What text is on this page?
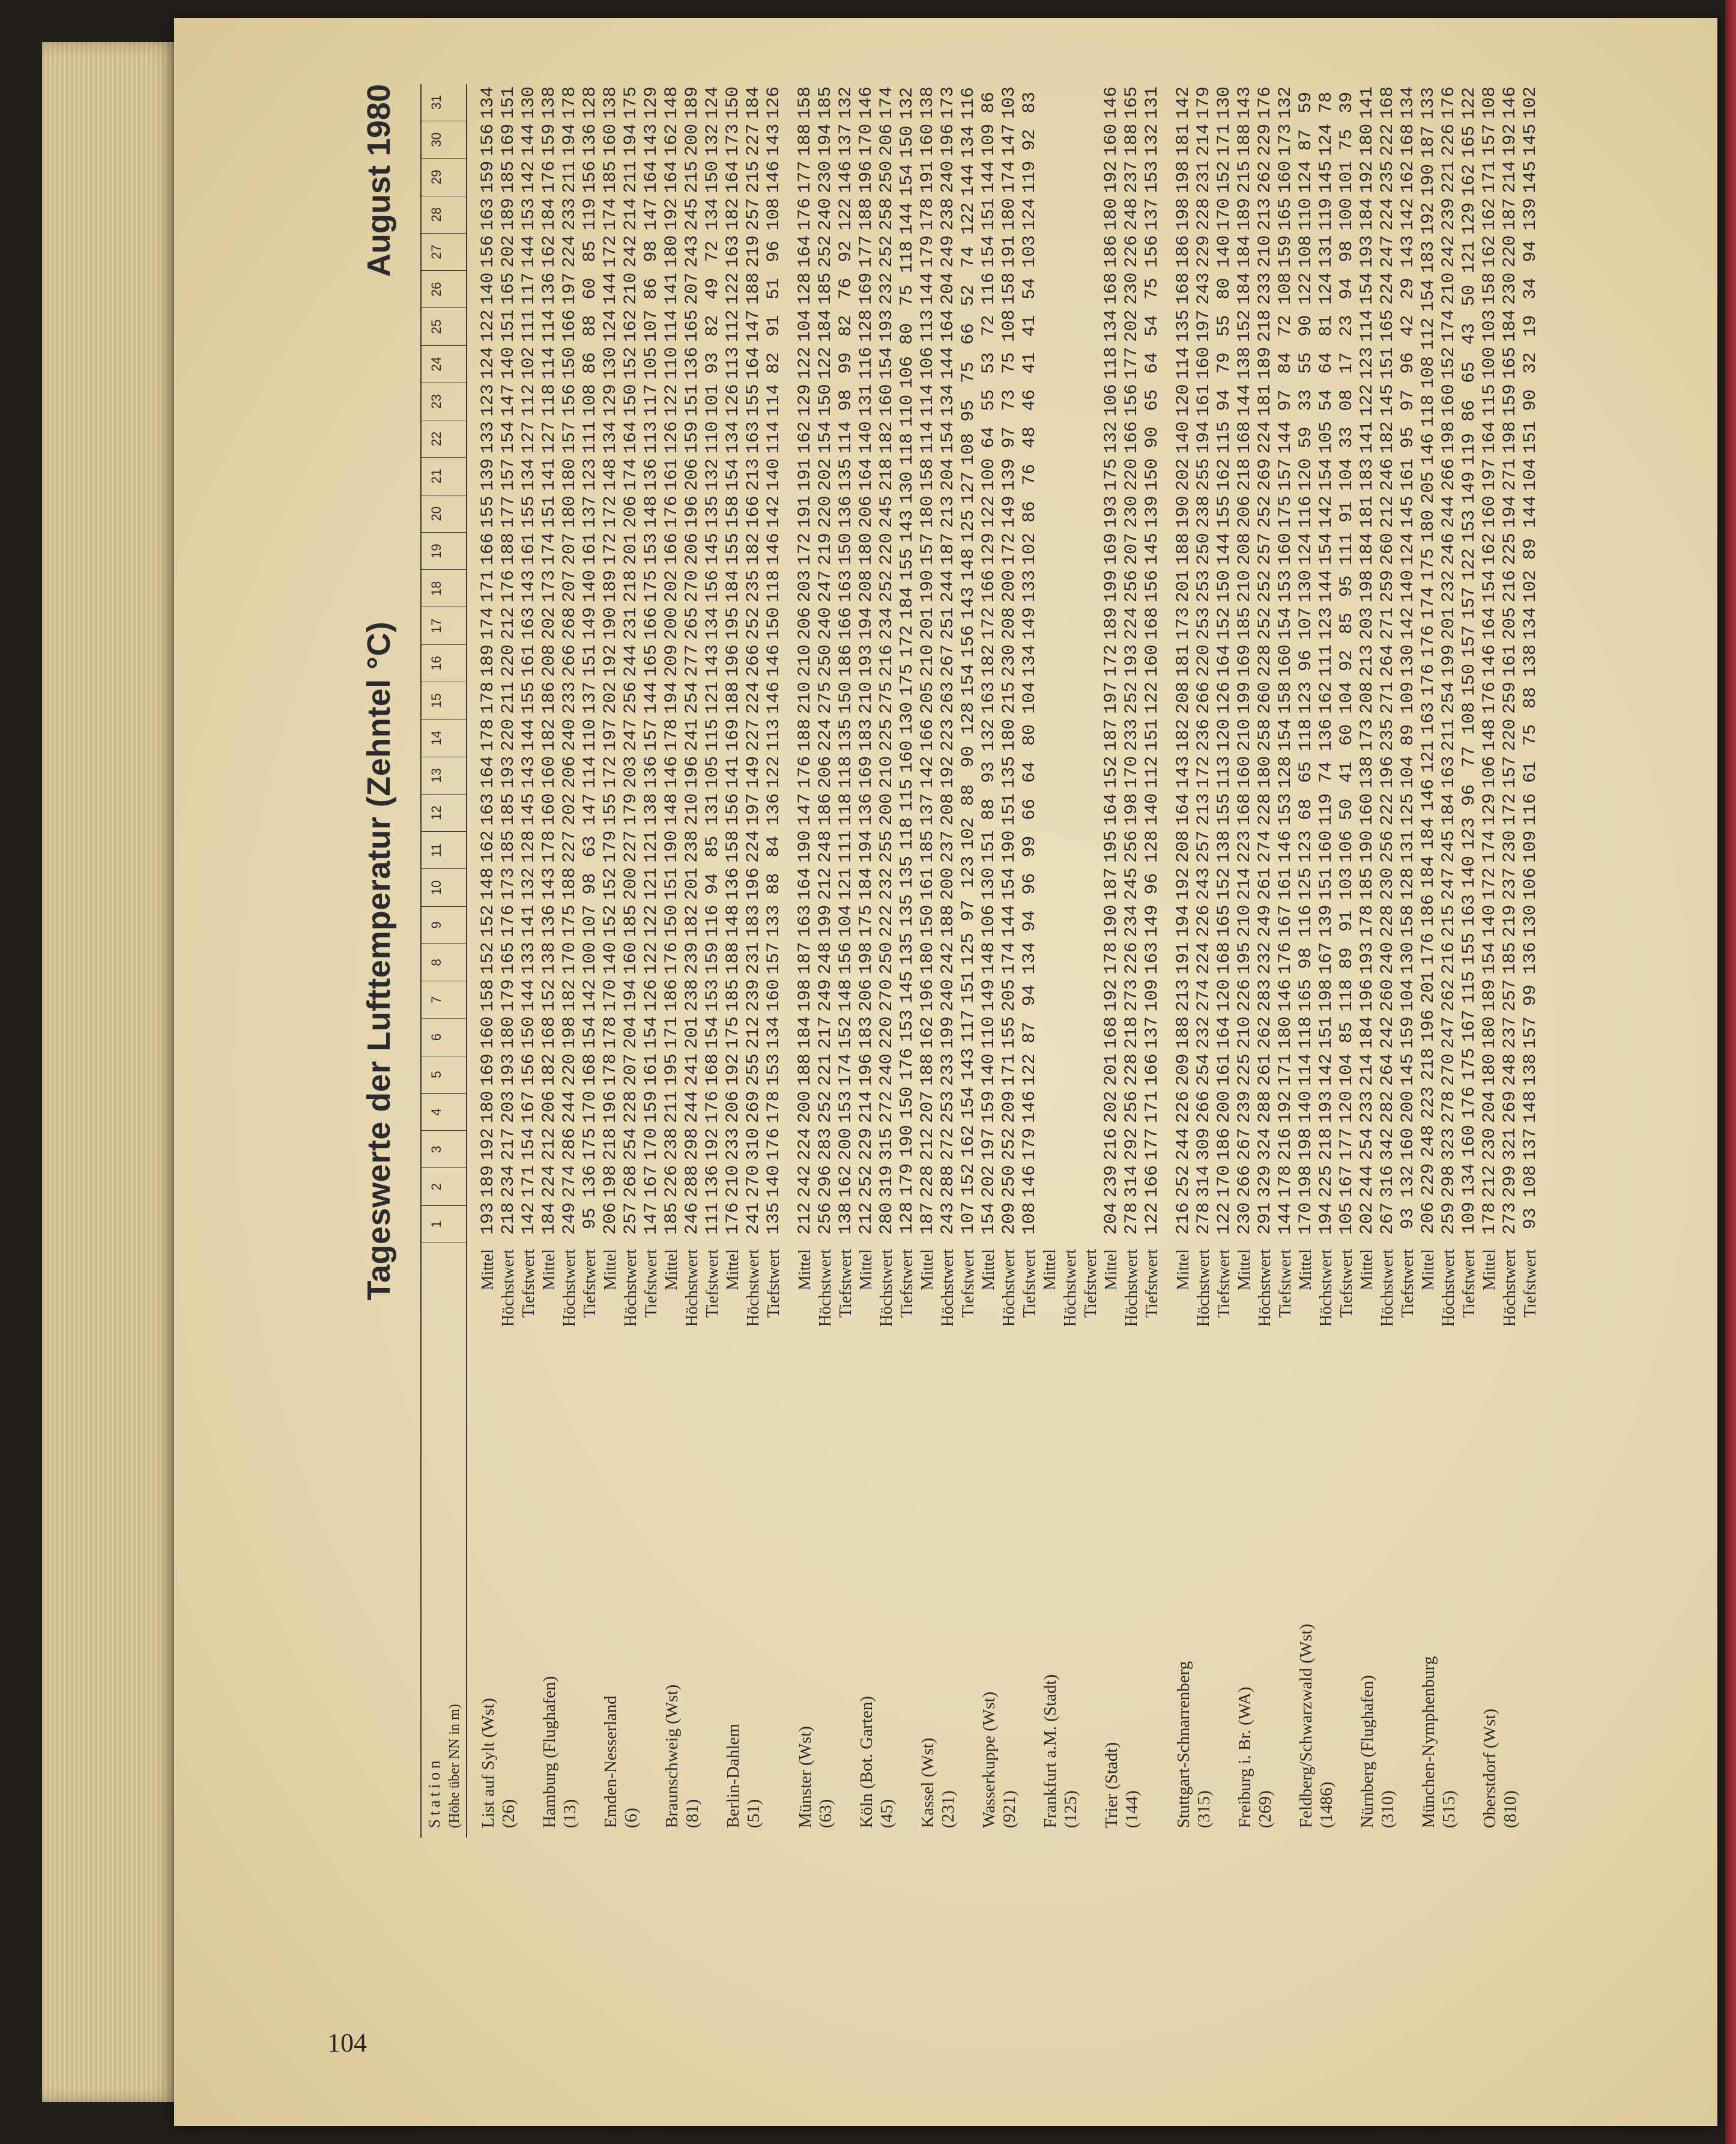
104
Tageswerte der Lufttemperatur (Zehntel °C)
August 1980
Station (Höhe über NN in m)
1
2
3
4
5
6
7
8
9
10
11
12
13
14
15
16
17
18
19
20
21
22
23
24
25
26
27
28
29
30
31
List auf Sylt (Wst)
Mittel
193
189
192
180
169
160
158
152
152
148
162
163
164
178
178
189
174
171
166
155
139
133
123
124
122
140
156
163
159
156
134
(26)
Höchstwert
218
234
217
203
193
180
179
165
176
173
185
185
193
220
211
220
212
176
188
177
157
154
147
140
151
165
202
189
185
169
151
Tiefstwert
142
171
154
167
156
150
144
133
141
132
128
145
143
144
155
161
163
143
161
155
134
127
112
102
111
117
144
153
142
144
130
Hamburg (Flughafen)
Mittel
184
224
212
206
182
168
152
138
136
143
178
160
160
182
186
208
202
173
174
151
141
127
118
114
114
136
162
184
176
159
138
(13)
Höchstwert
249
274
286
244
220
198
182
170
175
188
227
202
206
240
233
266
268
207
207
180
180
157
156
150
166
197
224
233
211
194
178
Tiefstwert
95
136
175
170
168
154
142
100
107
98
63
147
114
110
137
151
149
140
161
137
123
111
108
86
88
60
85
119
156
136
128
Emden-Nesserland
Mittel
206
198
218
196
178
178
170
140
152
152
179
155
172
197
202
192
190
189
172
172
148
134
129
130
124
144
172
174
185
160
138
(6)
Höchstwert
257
268
254
228
207
204
194
160
185
200
227
179
203
247
256
244
231
218
201
206
174
164
150
152
162
210
242
214
211
194
175
Tiefstwert
147
167
170
159
161
154
126
122
122
121
121
138
136
157
144
165
166
175
153
148
136
113
117
105
107
86
98
147
164
143
129
Braunschweig (Wst)
Mittel
185
226
238
211
195
171
186
176
150
151
190
148
146
178
194
209
200
202
166
176
161
126
122
110
114
141
180
192
164
162
148
(81)
Höchstwert
246
288
298
244
241
201
238
239
182
201
238
210
196
241
254
277
265
270
206
196
206
159
151
136
165
207
243
245
215
200
189
Tiefstwert
111
136
192
176
168
154
153
159
116
94
85
131
105
115
121
143
134
156
145
135
132
110
101
93
82
49
72
134
150
132
124
Berlin-Dahlem
Mittel
176
210
233
206
192
175
185
188
148
136
158
156
141
169
188
196
195
184
155
158
154
134
126
113
112
122
163
182
164
173
150
(51)
Höchstwert
241
270
310
269
255
212
239
231
183
196
224
197
149
227
224
266
252
235
182
166
213
163
155
164
147
188
219
257
215
227
184
Tiefstwert
135
140
176
178
153
134
160
157
133
88
84
136
122
113
146
146
150
118
146
142
140
114
114
82
91
51
96
108
146
143
126
Münster (Wst)
Mittel
212
242
224
200
188
184
198
187
163
164
190
147
176
188
210
210
206
203
172
191
191
162
129
122
104
128
164
176
177
188
158
(63)
Höchstwert
256
296
283
252
221
217
249
248
199
212
248
186
206
224
275
250
240
247
219
220
202
154
150
122
184
185
252
240
230
194
185
Tiefstwert
138
162
200
153
174
152
148
156
104
121
111
118
118
135
150
186
166
163
150
136
135
114
98
99
82
76
92
122
146
137
132
Köln (Bot. Garten)
Mittel
212
252
229
214
196
183
206
198
175
184
194
136
169
183
210
193
194
208
180
206
164
140
131
116
128
169
177
188
196
170
146
(45)
Höchstwert
280
319
315
272
240
220
270
250
222
232
255
200
210
225
275
216
234
252
220
245
218
182
160
154
193
232
252
258
250
206
174
Tiefstwert
128
179
190
150
176
153
145
135
135
135
118
115
160
130
175
172
184
155
143
130
118
110
106
80
75
118
144
154
150
132
Kassel (Wst)
Mittel
187
228
212
207
188
162
196
180
150
161
185
137
142
166
205
210
201
190
157
180
158
114
114
106
113
144
179
178
191
160
138
(231)
Höchstwert
243
288
272
253
233
199
240
242
188
200
237
208
192
223
263
267
251
244
187
213
204
154
134
144
164
204
249
238
240
196
173
Tiefstwert
107
152
162
154
143
117
151
125
97
123
102
88
90
128
154
156
143
148
125
127
108
95
75
66
52
74
122
144
134
116
Wasserkuppe (Wst)
Mittel
154
202
197
159
140
110
149
148
106
130
151
88
93
132
163
182
172
166
129
122
100
64
55
53
72
116
154
151
144
109
86
(921)
Höchstwert
209
250
252
209
171
155
205
174
144
154
190
151
135
180
215
230
208
200
172
149
139
97
73
75
108
158
191
180
174
147
103
Tiefstwert
108
146
179
146
122
87
94
134
94
96
99
66
64
80
104
134
149
133
102
86
76
48
46
41
41
54
103
124
119
92
83
Frankfurt a.M. (Stadt)
Mittel
(125)
Höchstwert Tiefstwert
Trier (Stadt)
Mittel
204
239
216
202
201
168
192
178
190
187
195
164
152
187
197
172
189
199
169
193
175
132
106
118
134
168
186
180
192
160
146
(144)
Höchstwert
278
314
292
256
228
218
273
226
234
245
256
198
170
233
252
193
224
256
207
230
220
166
156
177
202
230
226
248
237
188
165
Tiefstwert
122
166
177
171
166
137
109
163
149
96
128
140
112
151
122
160
168
156
145
139
150
90
65
64
54
75
156
137
153
132
131
Stuttgart-Schnarrenberg
Mittel
216
252
244
226
209
188
213
191
194
192
208
164
143
182
208
181
173
201
188
190
202
140
120
114
135
168
186
198
198
181
142
(315)
Höchstwert
278
314
309
266
254
232
274
224
226
243
257
213
172
236
266
220
253
253
250
238
255
194
161
160
197
243
229
228
231
214
179
Tiefstwert
122
170
186
200
161
164
120
168
165
152
138
155
113
120
126
164
152
150
144
155
162
115
94
79
55
80
140
170
152
171
130
Freiburg i. Br. (WA)
Mittel
230
266
267
239
225
210
226
195
210
214
223
168
160
210
199
169
185
210
208
206
218
168
144
138
152
184
184
189
215
188
143
(269)
Höchstwert
291
329
324
288
261
262
283
232
249
261
274
228
180
258
260
228
252
252
257
252
269
224
181
189
218
233
210
213
262
229
176
Tiefstwert
144
178
216
192
171
180
146
176
167
161
146
153
128
154
158
160
154
153
160
175
157
144
97
84
72
108
159
165
160
173
132
Feldberg/Schwarzwald (Wst)
Mittel
170
198
198
140
114
118
165
98
116
125
123
68
65
118
123
96
107
130
124
116
120
59
33
55
90
122
108
110
124
87
59
(1486)
Höchstwert
194
225
218
193
142
151
198
167
139
151
160
119
74
136
162
111
123
144
154
142
154
105
54
64
81
124
131
119
145
124
78
Tiefstwert
105
167
177
120
104
85
118
89
91
103
106
50
41
60
104
92
85
95
111
91
104
33
08
17
23
94
98
100
101
75
39
Nürnberg (Flughafen)
Mittel
202
244
254
233
214
184
196
193
178
185
190
160
138
173
208
213
203
198
184
181
183
141
122
123
114
154
193
184
192
180
141
(310)
Höchstwert
267
316
342
282
264
242
260
240
228
230
256
222
196
235
271
264
271
259
260
212
246
182
145
151
165
224
247
224
235
222
168
Tiefstwert
93
132
160
200
145
159
104
130
158
128
131
125
104
89
109
130
142
140
124
145
161
95
97
96
42
29
143
142
162
168
134
München-Nymphenburg
Mittel
206
229
248
223
218
196
201
176
186
184
184
146
121
163
176
176
174
175
180
205
146
118
108
112
154
183
192
190
187
133
(515)
Höchstwert
259
298
323
278
270
247
262
216
215
247
245
184
163
211
254
199
201
232
246
244
266
198
160
152
174
210
242
239
221
226
176
Tiefstwert
109
134
160
176
175
167
115
155
163
140
123
96
77
108
150
157
157
122
153
149
119
86
65
43
50
121
129
162
165
122
Oberstdorf (Wst)
Mittel
178
212
230
204
180
180
189
154
140
172
174
129
106
148
176
146
164
154
162
160
197
164
115
100
103
158
162
162
171
157
108
(810)
Höchstwert
273
299
321
269
248
237
257
185
219
237
230
172
157
220
259
161
205
216
225
194
271
198
159
165
184
230
220
187
214
192
146
Tiefstwert
93
108
137
148
138
157
99
136
130
106
109
116
61
75
88
138
134
102
89
144
104
151
90
32
19
34
94
139
145
145
102
